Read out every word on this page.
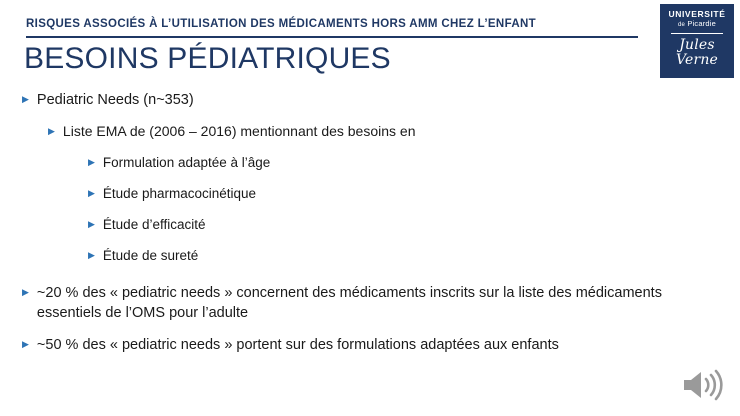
RISQUES ASSOCIÉS À L’UTILISATION DES MÉDICAMENTS HORS AMM CHEZ L’ENFANT
BESOINS PÉDIATRIQUES
UNIVERSITÉ
de Picardie
Jules Verne
▶ Pediatric Needs (n~353)
▶ Liste EMA de (2006 – 2016) mentionnant des besoins en
▶ Formulation adaptée à l’âge
▶ Étude pharmacocinétique
▶ Étude d’efficacité
▶ Étude de sureté
▶ ~20 % des « pediatric needs » concernent des médicaments inscrits sur la liste des médicaments essentiels de l’OMS pour l’adulte
▶ ~50 % des « pediatric needs » portent sur des formulations adaptées aux enfants
